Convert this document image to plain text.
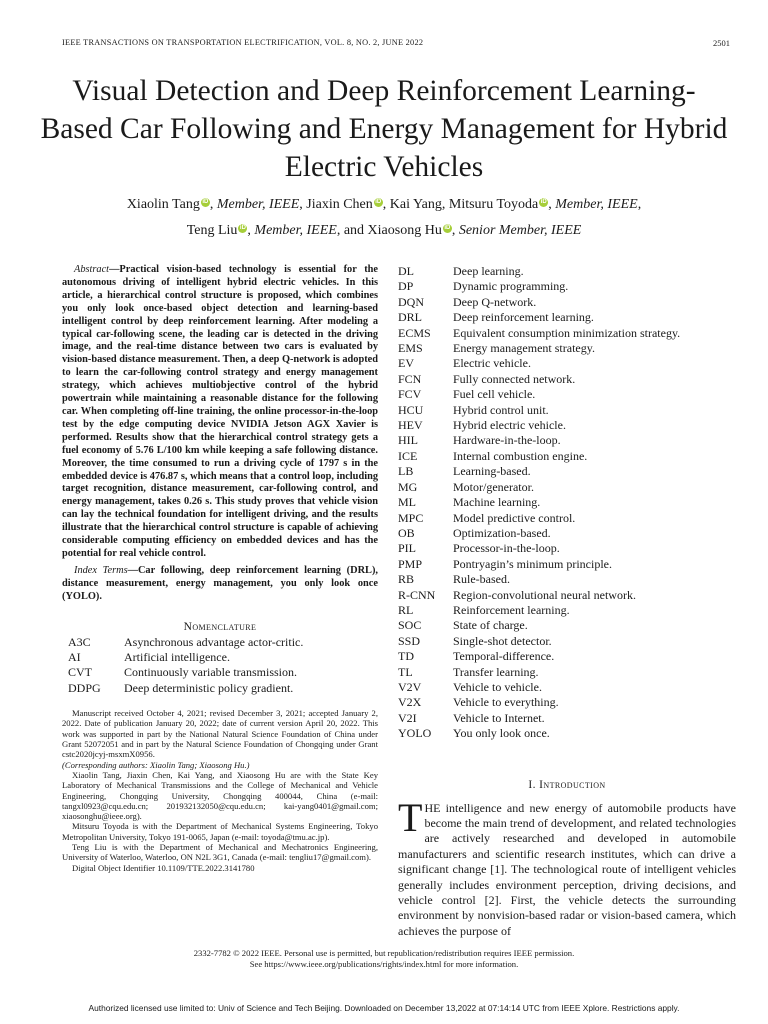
IEEE TRANSACTIONS ON TRANSPORTATION ELECTRIFICATION, VOL. 8, NO. 2, JUNE 2022	2501
Visual Detection and Deep Reinforcement Learning-Based Car Following and Energy Management for Hybrid Electric Vehicles
Xiaolin Tang iD , Member, IEEE, Jiaxin Chen iD , Kai Yang, Mitsuru Toyoda iD , Member, IEEE,
Teng Liu iD , Member, IEEE, and Xiaosong Hu iD , Senior Member, IEEE

Abstract—Practical vision-based technology is essential for the autonomous driving of intelligent hybrid electric vehicles. In this article, a hierarchical control structure is proposed, which combines you only look once-based object detection and learning-based intelligent control by deep reinforcement learning. After modeling a typical car-following scene, the leading car is detected in the driving image, and the real-time distance between two cars is evaluated by vision-based distance measurement. Then, a deep Q-network is adopted to learn the car-following control strategy and energy management strategy, which achieves multiobjective control of the hybrid powertrain while maintaining a reasonable distance for the following car. When completing off-line training, the online processor-in-the-loop test by the edge computing device NVIDIA Jetson AGX Xavier is performed. Results show that the hierarchical control strategy gets a fuel economy of 5.76 L/100 km while keeping a safe following distance. Moreover, the time consumed to run a driving cycle of 1797 s in the embedded device is 476.87 s, which means that a control loop, including target recognition, distance measurement, car-following control, and energy management, takes 0.26 s. This study proves that vehicle vision can lay the technical foundation for intelligent driving, and the results illustrate that the hierarchical control structure is capable of achieving considerable computing efficiency on embedded devices and has the potential for real vehicle control.

Index Terms—Car following, deep reinforcement learning (DRL), distance measurement, energy management, you only look once (YOLO).

Nomenclature
A3C	Asynchronous advantage actor-critic.
AI	Artificial intelligence.
CVT	Continuously variable transmission.
DDPG	Deep deterministic policy gradient.

Manuscript received October 4, 2021; revised December 3, 2021; accepted January 2, 2022. Date of publication January 20, 2022; date of current version April 20, 2022. This work was supported in part by the National Natural Science Foundation of China under Grant 52072051 and in part by the Natural Science Foundation of Chongqing under Grant cstc2020jcyj-msxmX0956.

(Corresponding authors: Xiaolin Tang; Xiaosong Hu.)

Xiaolin Tang, Jiaxin Chen, Kai Yang, and Xiaosong Hu are with the State Key Laboratory of Mechanical Transmissions and the College of Mechanical and Vehicle Engineering, Chongqing University, Chongqing 400044, China (e-mail: tangxl0923@cqu.edu.cn; 201932132050@cqu.edu.cn; kai-yang0401@gmail.com; xiaosonghu@ieee.org).

Mitsuru Toyoda is with the Department of Mechanical Systems Engineering, Tokyo Metropolitan University, Tokyo 191-0065, Japan (e-mail: toyoda@tmu.ac.jp).

Teng Liu is with the Department of Mechanical and Mechatronics Engineering, University of Waterloo, Waterloo, ON N2L 3G1, Canada (e-mail: tengliu17@gmail.com).

Digital Object Identifier 10.1109/TTE.2022.3141780

DL	Deep learning.
DP	Dynamic programming.
DQN	Deep Q-network.
DRL	Deep reinforcement learning.
ECMS	Equivalent consumption minimization strategy.
EMS	Energy management strategy.
EV	Electric vehicle.
FCN	Fully connected network.
FCV	Fuel cell vehicle.
HCU	Hybrid control unit.
HEV	Hybrid electric vehicle.
HIL	Hardware-in-the-loop.
ICE	Internal combustion engine.
LB	Learning-based.
MG	Motor/generator.
ML	Machine learning.
MPC	Model predictive control.
OB	Optimization-based.
PIL	Processor-in-the-loop.
PMP	Pontryagin’s minimum principle.
RB	Rule-based.
R-CNN	Region-convolutional neural network.
RL	Reinforcement learning.
SOC	State of charge.
SSD	Single-shot detector.
TD	Temporal-difference.
TL	Transfer learning.
V2V	Vehicle to vehicle.
V2X	Vehicle to everything.
V2I	Vehicle to Internet.
YOLO	You only look once.
I. Introduction

THE intelligence and new energy of automobile products have become the main trend of development, and related technologies are actively researched and developed in automobile manufacturers and scientific research institutes, which can drive a significant change [1]. The technological route of intelligent vehicles generally includes environment perception, driving decisions, and vehicle control [2]. First, the vehicle detects the surrounding environment by nonvision-based radar or vision-based camera, which achieves the purpose of

2332-7782 © 2022 IEEE. Personal use is permitted, but republication/redistribution requires IEEE permission.
See https://www.ieee.org/publications/rights/index.html for more information.
Authorized licensed use limited to: Univ of Science and Tech Beijing. Downloaded on December 13,2022 at 07:14:14 UTC from IEEE Xplore. Restrictions apply.
